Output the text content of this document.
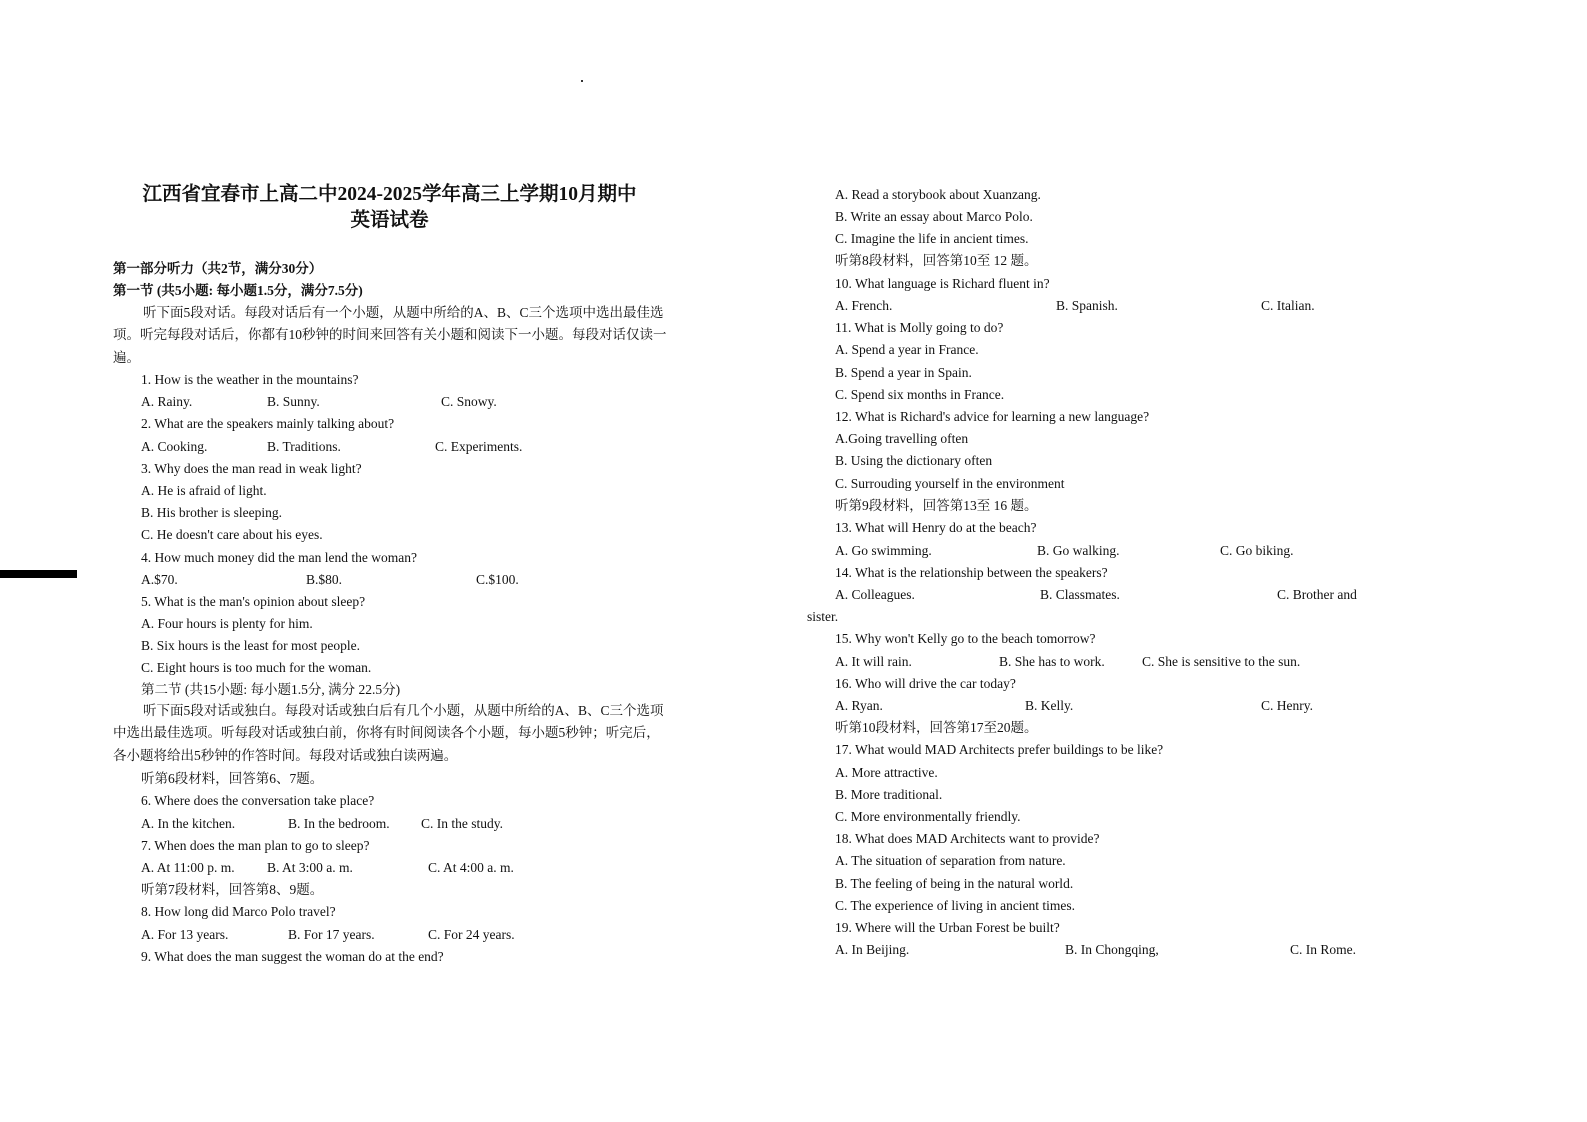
江西省宜春市上高二中2024-2025学年高三上学期10月期中
英语试卷
第一部分听力（共2节，满分30分）
第一节 (共5小题: 每小题1.5分，满分7.5分)
听下面5段对话。每段对话后有一个小题，从题中所给的A、B、C三个选项中选出最佳选项。听完每段对话后，你都有10秒钟的时间来回答有关小题和阅读下一小题。每段对话仅读一遍。
第二节 (共15小题: 每小题1.5分, 满分 22.5分)
听下面5段对话或独白。每段对话或独白后有几个小题，从题中所给的A、B、C三个选项中选出最佳选项。听每段对话或独白前，你将有时间阅读各个小题，每小题5秒钟；听完后，各小题将给出5秒钟的作答时间。每段对话或独白读两遍。
1. How is the weather in the mountains?
A. Rainy.	B. Sunny.	C. Snowy.
2. What are the speakers mainly talking about?
A. Cooking.	B. Traditions.	C. Experiments.
3. Why does the man read in weak light?
A. He is afraid of light.
B. His brother is sleeping.
C. He doesn't care about his eyes.
4. How much money did the man lend the woman?
A.$70.	B.$80.	C.$100.
5. What is the man's opinion about sleep?
A. Four hours is plenty for him.
B. Six hours is the least for most people.
C. Eight hours is too much for the woman.
听第6段材料，回答第6、7题。
6. Where does the conversation take place?
A. In the kitchen.	B. In the bedroom. C. In the study.
7. When does the man plan to go to sleep?
A. At 11:00 p. m. B. At 3:00 a. m.	C. At 4:00 a. m.
听第7段材料，回答第8、9题。
8. How long did Marco Polo travel?
A. For 13 years.	B. For 17 years.	C. For 24 years.
9. What does the man suggest the woman do at the end?
A. Read a storybook about Xuanzang.
B. Write an essay about Marco Polo.
C. Imagine the life in ancient times.
听第8段材料，回答第10至 12 题。
10. What language is Richard fluent in?
A. French.	B. Spanish.	C. Italian.
11. What is Molly going to do?
A. Spend a year in France.
B. Spend a year in Spain.
C. Spend six months in France.
12. What is Richard's advice for learning a new language?
A.Going travelling often
B. Using the dictionary often
C. Surrouding yourself in the environment
听第9段材料，回答第13至 16 题。
13. What will Henry do at the beach?
A. Go swimming.	B. Go walking.	C. Go biking.
14. What is the relationship between the speakers?
A. Colleagues.	B. Classmates.	C. Brother and
sister.
15. Why won't Kelly go to the beach tomorrow?
A. It will rain.	B. She has to work.	C. She is sensitive to the sun.
16. Who will drive the car today?
A. Ryan.	B. Kelly.	C. Henry.
听第10段材料，回答第17至20题。
17. What would MAD Architects prefer buildings to be like?
A. More attractive.
B. More traditional.
C. More environmentally friendly.
18. What does MAD Architects want to provide?
A. The situation of separation from nature.
B. The feeling of being in the natural world.
C. The experience of living in ancient times.
19. Where will the Urban Forest be built?
A. In Beijing.	B. In Chongqing,	C. In Rome.
